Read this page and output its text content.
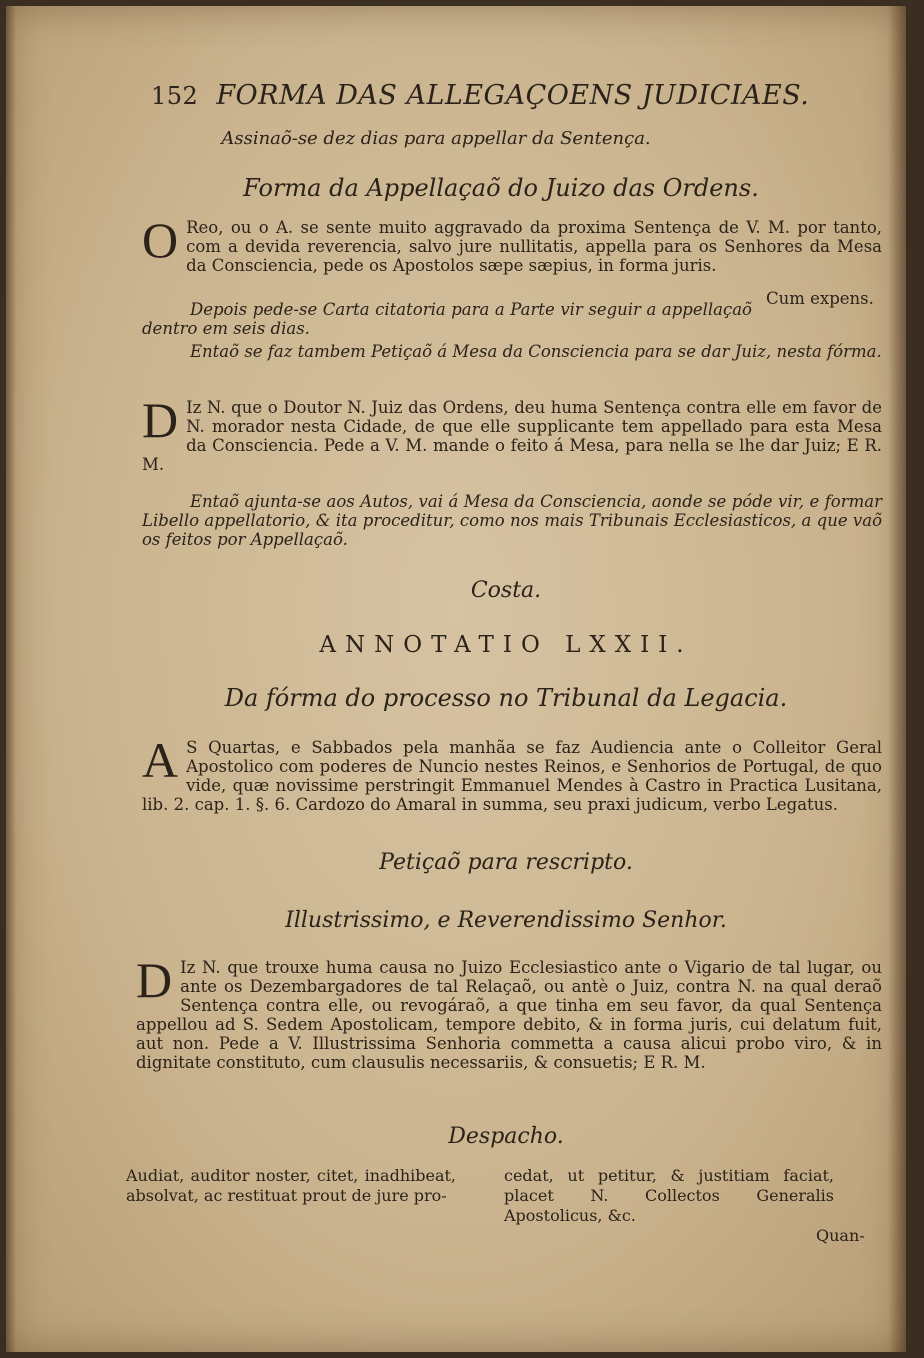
152 FORMA DAS ALLEGAÇOENS JUDICIAES.
Assinaõ-se dez dias para appellar da Sentença.
Forma da Appellaçaõ do Juizo das Ordens.
O Reo, ou o A. se sente muito aggravado da proxima Sentença de V. M. por tanto, com a devida reverencia, salvo jure nullitatis, appella para os Senhores da Mesa da Consciencia, pede os Apostolos sæpe sæpius, in forma juris.
Cum expens.
Depois pede-se Carta citatoria para a Parte vir seguir a appellaçaõ dentro em seis dias.
Entaõ se faz tambem Petiçaõ á Mesa da Consciencia para se dar Juiz, nesta fórma.
D Iz N. que o Doutor N. Juiz das Ordens, deu huma Sentença contra elle em favor de N. morador nesta Cidade, de que elle supplicante tem appellado para esta Mesa da Consciencia. Pede a V. M. mande o feito á Mesa, para nella se lhe dar Juiz; E R. M.
Entaõ ajunta-se aos Autos, vai á Mesa da Consciencia, aonde se póde vir, e formar Libello appellatorio, & ita proceditur, como nos mais Tribunais Ecclesiasticos, a que vaõ os feitos por Appellaçaõ.
Costa.
ANNOTATIO LXXII.
Da fórma do processo no Tribunal da Legacia.
A S Quartas, e Sabbados pela manhãa se faz Audiencia ante o Colleitor Geral Apostolico com poderes de Nuncio nestes Reinos, e Senhorios de Portugal, de quo vide, quæ novissime perstringit Emmanuel Mendes à Castro in Practica Lusitana, lib. 2. cap. 1. §. 6. Cardozo do Amaral in summa, seu praxi judicum, verbo Legatus.
Petiçaõ para rescripto.
Illustrissimo, e Reverendissimo Senhor.
D Iz N. que trouxe huma causa no Juizo Ecclesiastico ante o Vigario de tal lugar, ou ante os Dezembargadores de tal Relaçaõ, ou antè o Juiz, contra N. na qual deraõ Sentença contra elle, ou revogáraõ, a que tinha em seu favor, da qual Sentença appellou ad S. Sedem Apostolicam, tempore debito, & in forma juris, cui delatum fuit, aut non. Pede a V. Illustrissima Senhoria commetta a causa alicui probo viro, & in dignitate constituto, cum clausulis necessariis, & consuetis; E R. M.
Despacho.
Audiat, auditor noster, citet, inadhibeat, absolvat, ac restituat prout de jure pro-
cedat, ut petitur, & justitiam faciat, placet N. Collectos Generalis Apostolicus, &c.
Quan-
